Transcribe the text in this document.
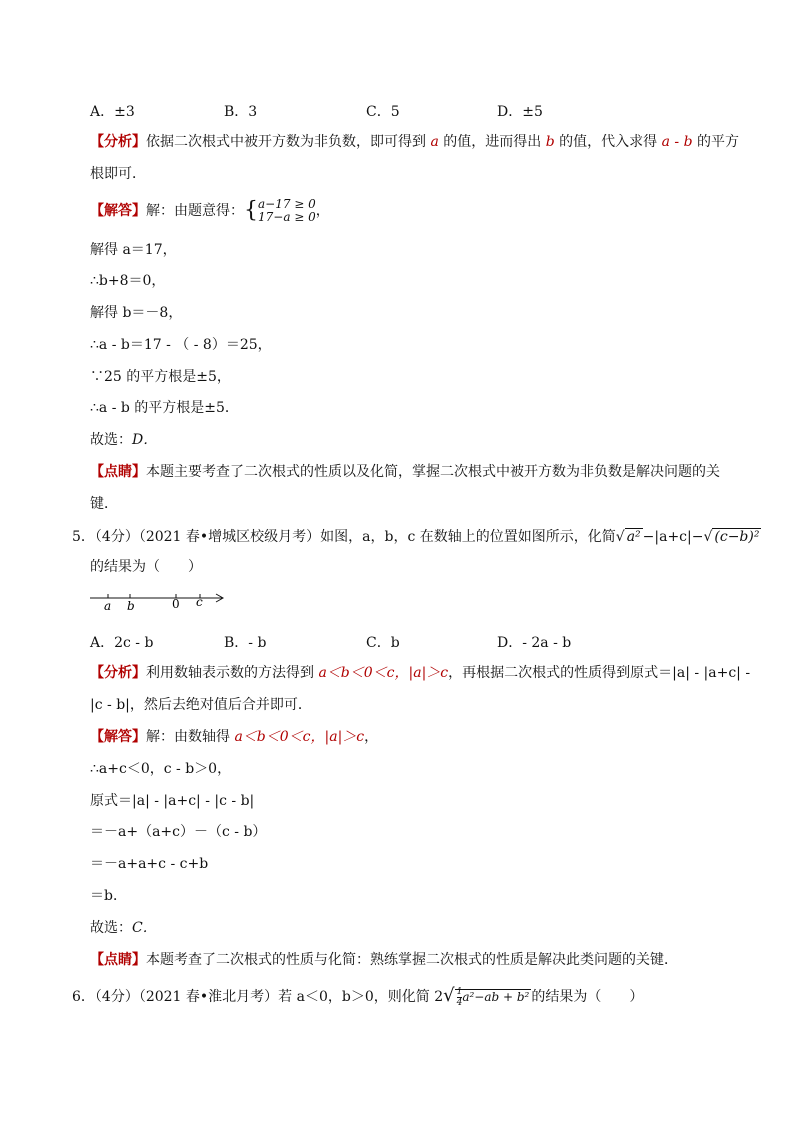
A．±3	B．3	C．5	D．±5
【分析】依据二次根式中被开方数为非负数，即可得到 a 的值，进而得出 b 的值，代入求得 a - b 的平方
根即可．
【解答】解：由题意得：{ a−17 ≥ 0
17−a ≥ 0 ，
解得 a＝17，
∴b+8＝0，
解得 b＝－8，
∴a - b＝17 - （ - 8）＝25，
∵25 的平方根是±5，
∴a - b 的平方根是±5．
故选：D．
【点睛】本题主要考查了二次根式的性质以及化简，掌握二次根式中被开方数为非负数是解决问题的关
键．
5．（4分）（2021 春•增城区校级月考）如图，a，b，c 在数轴上的位置如图所示，化简√ a² −|a+c|−√ (c−b)²
的结果为（　　）
a b	0 c
A．2c - b	B．- b	C．b	D．- 2a - b
【分析】利用数轴表示数的方法得到 a＜b＜0＜c，|a|＞c，再根据二次根式的性质得到原式＝|a| - |a+c| -
|c - b|，然后去绝对值后合并即可．
【解答】解：由数轴得 a＜b＜0＜c，|a|＞c，
∴a+c＜0，c - b＞0，
原式＝|a| - |a+c| - |c - b|
＝－a+（a+c）－（c - b）
＝－a+a+c - c+b
＝b．
故选：C．
【点睛】本题考查了二次根式的性质与化简：熟练掌握二次根式的性质是解决此类问题的关键．
6．（4分）（2021 春•淮北月考）若 a＜0，b＞0，则化简 $2√ \frac{1}{4} a^2-ab + b^2$ 的结果为（　　）
